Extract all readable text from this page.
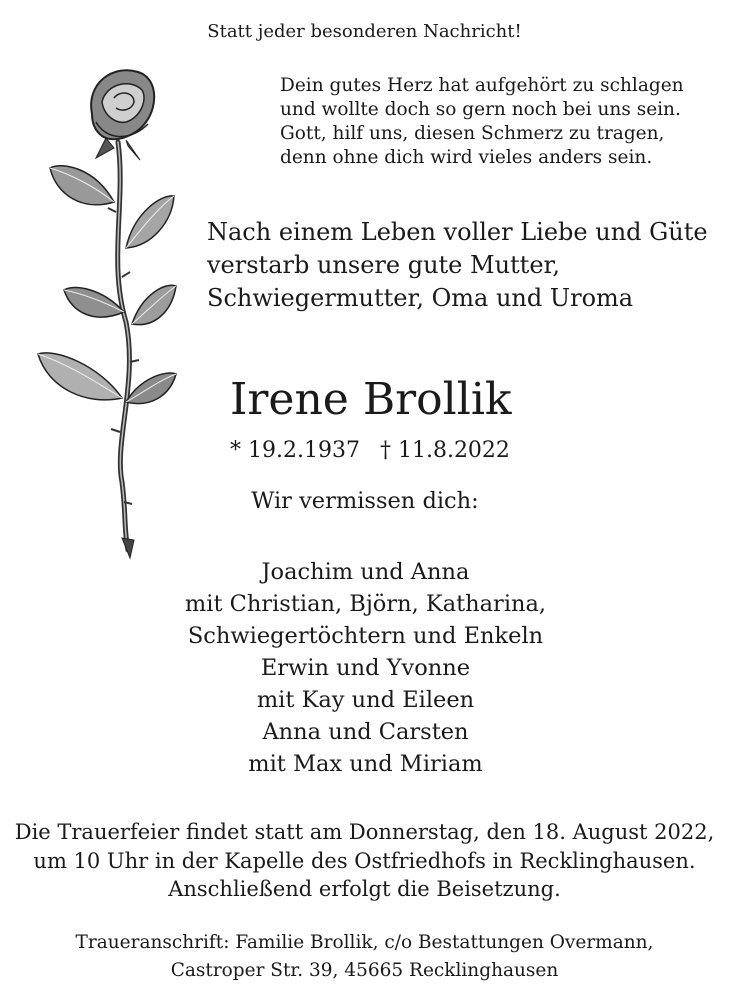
Statt jeder besonderen Nachricht!
Dein gutes Herz hat aufgehört zu schlagen
und wollte doch so gern noch bei uns sein.
Gott, hilf uns, diesen Schmerz zu tragen,
denn ohne dich wird vieles anders sein.
Nach einem Leben voller Liebe und Güte
verstarb unsere gute Mutter,
Schwiegermutter, Oma und Uroma
Irene Brollik
* 19.2.1937 † 11.8.2022
Wir vermissen dich:
Joachim und Anna
mit Christian, Björn, Katharina,
Schwiegertöchtern und Enkeln
Erwin und Yvonne
mit Kay und Eileen
Anna und Carsten
mit Max und Miriam
Die Trauerfeier findet statt am Donnerstag, den 18. August 2022,
um 10 Uhr in der Kapelle des Ostfriedhofs in Recklinghausen.
Anschließend erfolgt die Beisetzung.
Traueranschrift: Familie Brollik, c/o Bestattungen Overmann,
Castroper Str. 39, 45665 Recklinghausen
